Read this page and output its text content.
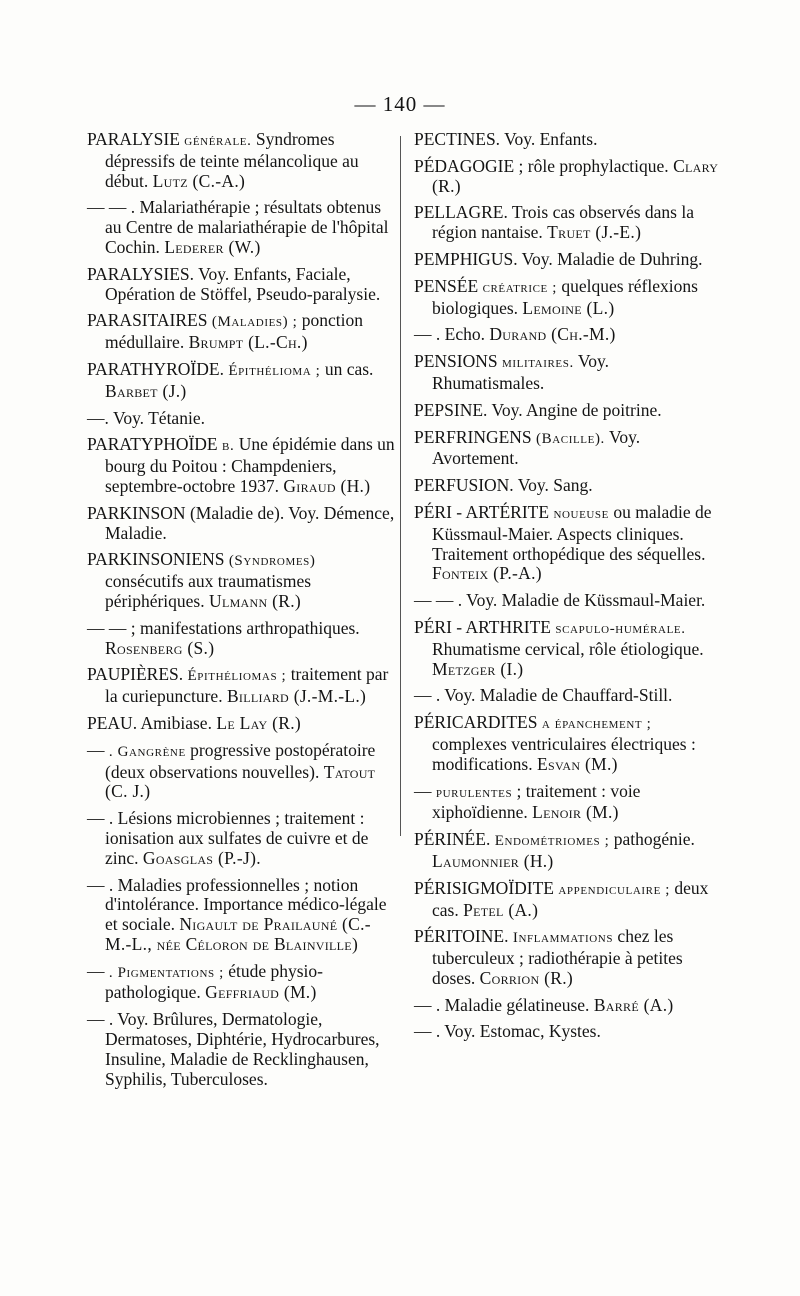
— 140 —

PARALYSIE générale. Syndromes dépressifs de teinte mélancolique au début. Lutz (C.-A.)

— — . Malariathérapie ; résultats obtenus au Centre de malariathérapie de l'hôpital Cochin. Lederer (W.)

PARALYSIES. Voy. Enfants, Faciale, Opération de Stöffel, Pseudo-paralysie.

PARASITAIRES (Maladies) ; ponction médullaire. Brumpt (L.-Ch.)

PARATHYROÏDE. Épithélioma ; un cas. Barbet (J.)

—. Voy. Tétanie.

PARATYPHOÏDE b. Une épidémie dans un bourg du Poitou : Champdeniers, septembre-octobre 1937. Giraud (H.)

PARKINSON (Maladie de). Voy. Démence, Maladie.

PARKINSONIENS (Syndromes) consécutifs aux traumatismes périphériques. Ulmann (R.)

— — ; manifestations arthropathiques. Rosenberg (S.)

PAUPIÈRES. Épithéliomas ; traitement par la curiepuncture. Billiard (J.-M.-L.)

PEAU. Amibiase. Le Lay (R.)

— . Gangrène progressive postopératoire (deux observations nouvelles). Tatout (C. J.)

— . Lésions microbiennes ; traitement : ionisation aux sulfates de cuivre et de zinc. Goasglas (P.-J).

— . Maladies professionnelles ; notion d'intolérance. Importance médico-légale et sociale. Nigault de Prailauné (C.-M.-L., née Céloron de Blainville)

— . Pigmentations ; étude physio-pathologique. Geffriaud (M.)

— . Voy. Brûlures, Dermatologie, Dermatoses, Diphtérie, Hydrocarbures, Insuline, Maladie de Recklinghausen, Syphilis, Tuberculoses.

PECTINES. Voy. Enfants.

PÉDAGOGIE ; rôle prophylactique. Clary (R.)

PELLAGRE. Trois cas observés dans la région nantaise. Truet (J.-E.)

PEMPHIGUS. Voy. Maladie de Duhring.

PENSÉE créatrice ; quelques réflexions biologiques. Lemoine (L.)

— . Echo. Durand (Ch.-M.)

PENSIONS militaires. Voy. Rhumatismales.

PEPSINE. Voy. Angine de poitrine.

PERFRINGENS (Bacille). Voy. Avortement.

PERFUSION. Voy. Sang.

PÉRI - ARTÉRITE noueuse ou maladie de Küssmaul-Maier. Aspects cliniques. Traitement orthopédique des séquelles. Fonteix (P.-A.)

— — . Voy. Maladie de Küssmaul-Maier.

PÉRI - ARTHRITE scapulo-humérale. Rhumatisme cervical, rôle étiologique. Metzger (I.)

— . Voy. Maladie de Chauffard-Still.

PÉRICARDITES a épanchement ; complexes ventriculaires électriques : modifications. Esvan (M.)

— purulentes ; traitement : voie xiphoïdienne. Lenoir (M.)

PÉRINÉE. Endométriomes ; pathogénie. Laumonnier (H.)

PÉRISIGMOÏDITE appendiculaire ; deux cas. Petel (A.)

PÉRITOINE. Inflammations chez les tuberculeux ; radiothérapie à petites doses. Corrion (R.)

— . Maladie gélatineuse. Barré (A.)

— . Voy. Estomac, Kystes.
